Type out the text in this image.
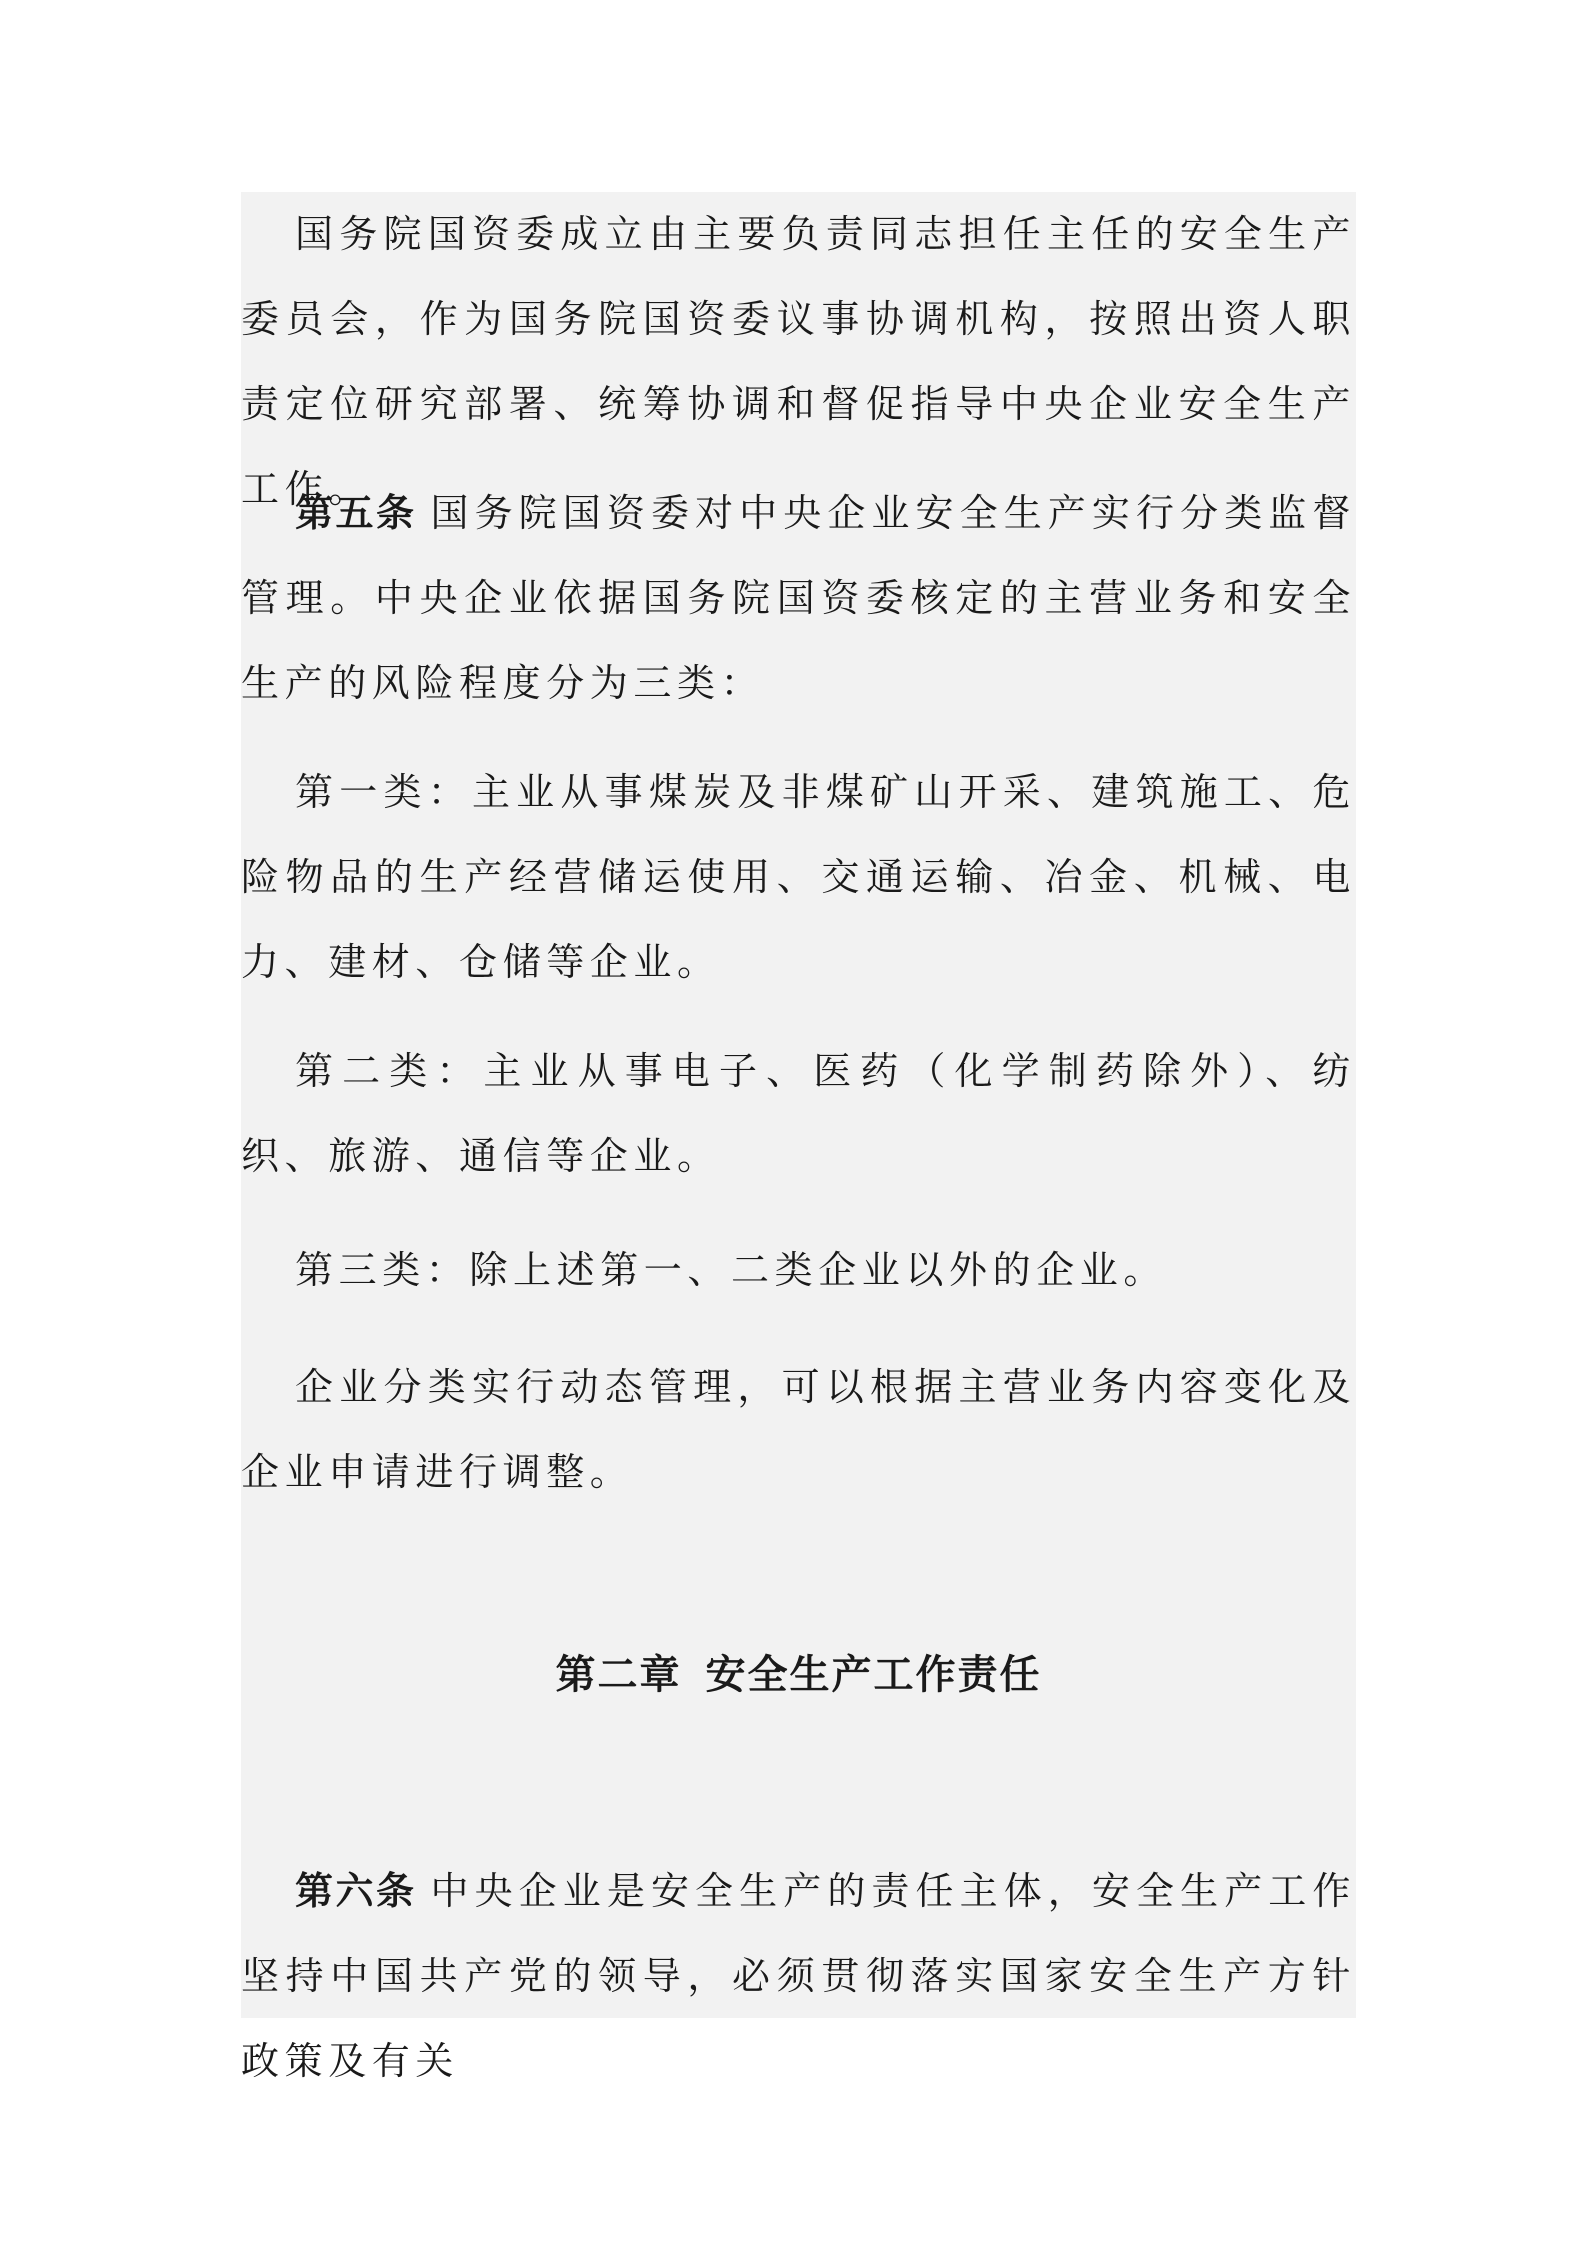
国务院国资委成立由主要负责同志担任主任的安全生产委员会，作为国务院国资委议事协调机构，按照出资人职责定位研究部署、统筹协调和督促指导中央企业安全生产工作。

第五条 国务院国资委对中央企业安全生产实行分类监督管理。中央企业依据国务院国资委核定的主营业务和安全生产的风险程度分为三类：

第一类：主业从事煤炭及非煤矿山开采、建筑施工、危险物品的生产经营储运使用、交通运输、冶金、机械、电力、建材、仓储等企业。

第二类：主业从事电子、医药（化学制药除外）、纺织、旅游、通信等企业。

第三类：除上述第一、二类企业以外的企业。

企业分类实行动态管理，可以根据主营业务内容变化及企业申请进行调整。

第二章 安全生产工作责任

第六条 中央企业是安全生产的责任主体，安全生产工作坚持中国共产党的领导，必须贯彻落实国家安全生产方针政策及有关
